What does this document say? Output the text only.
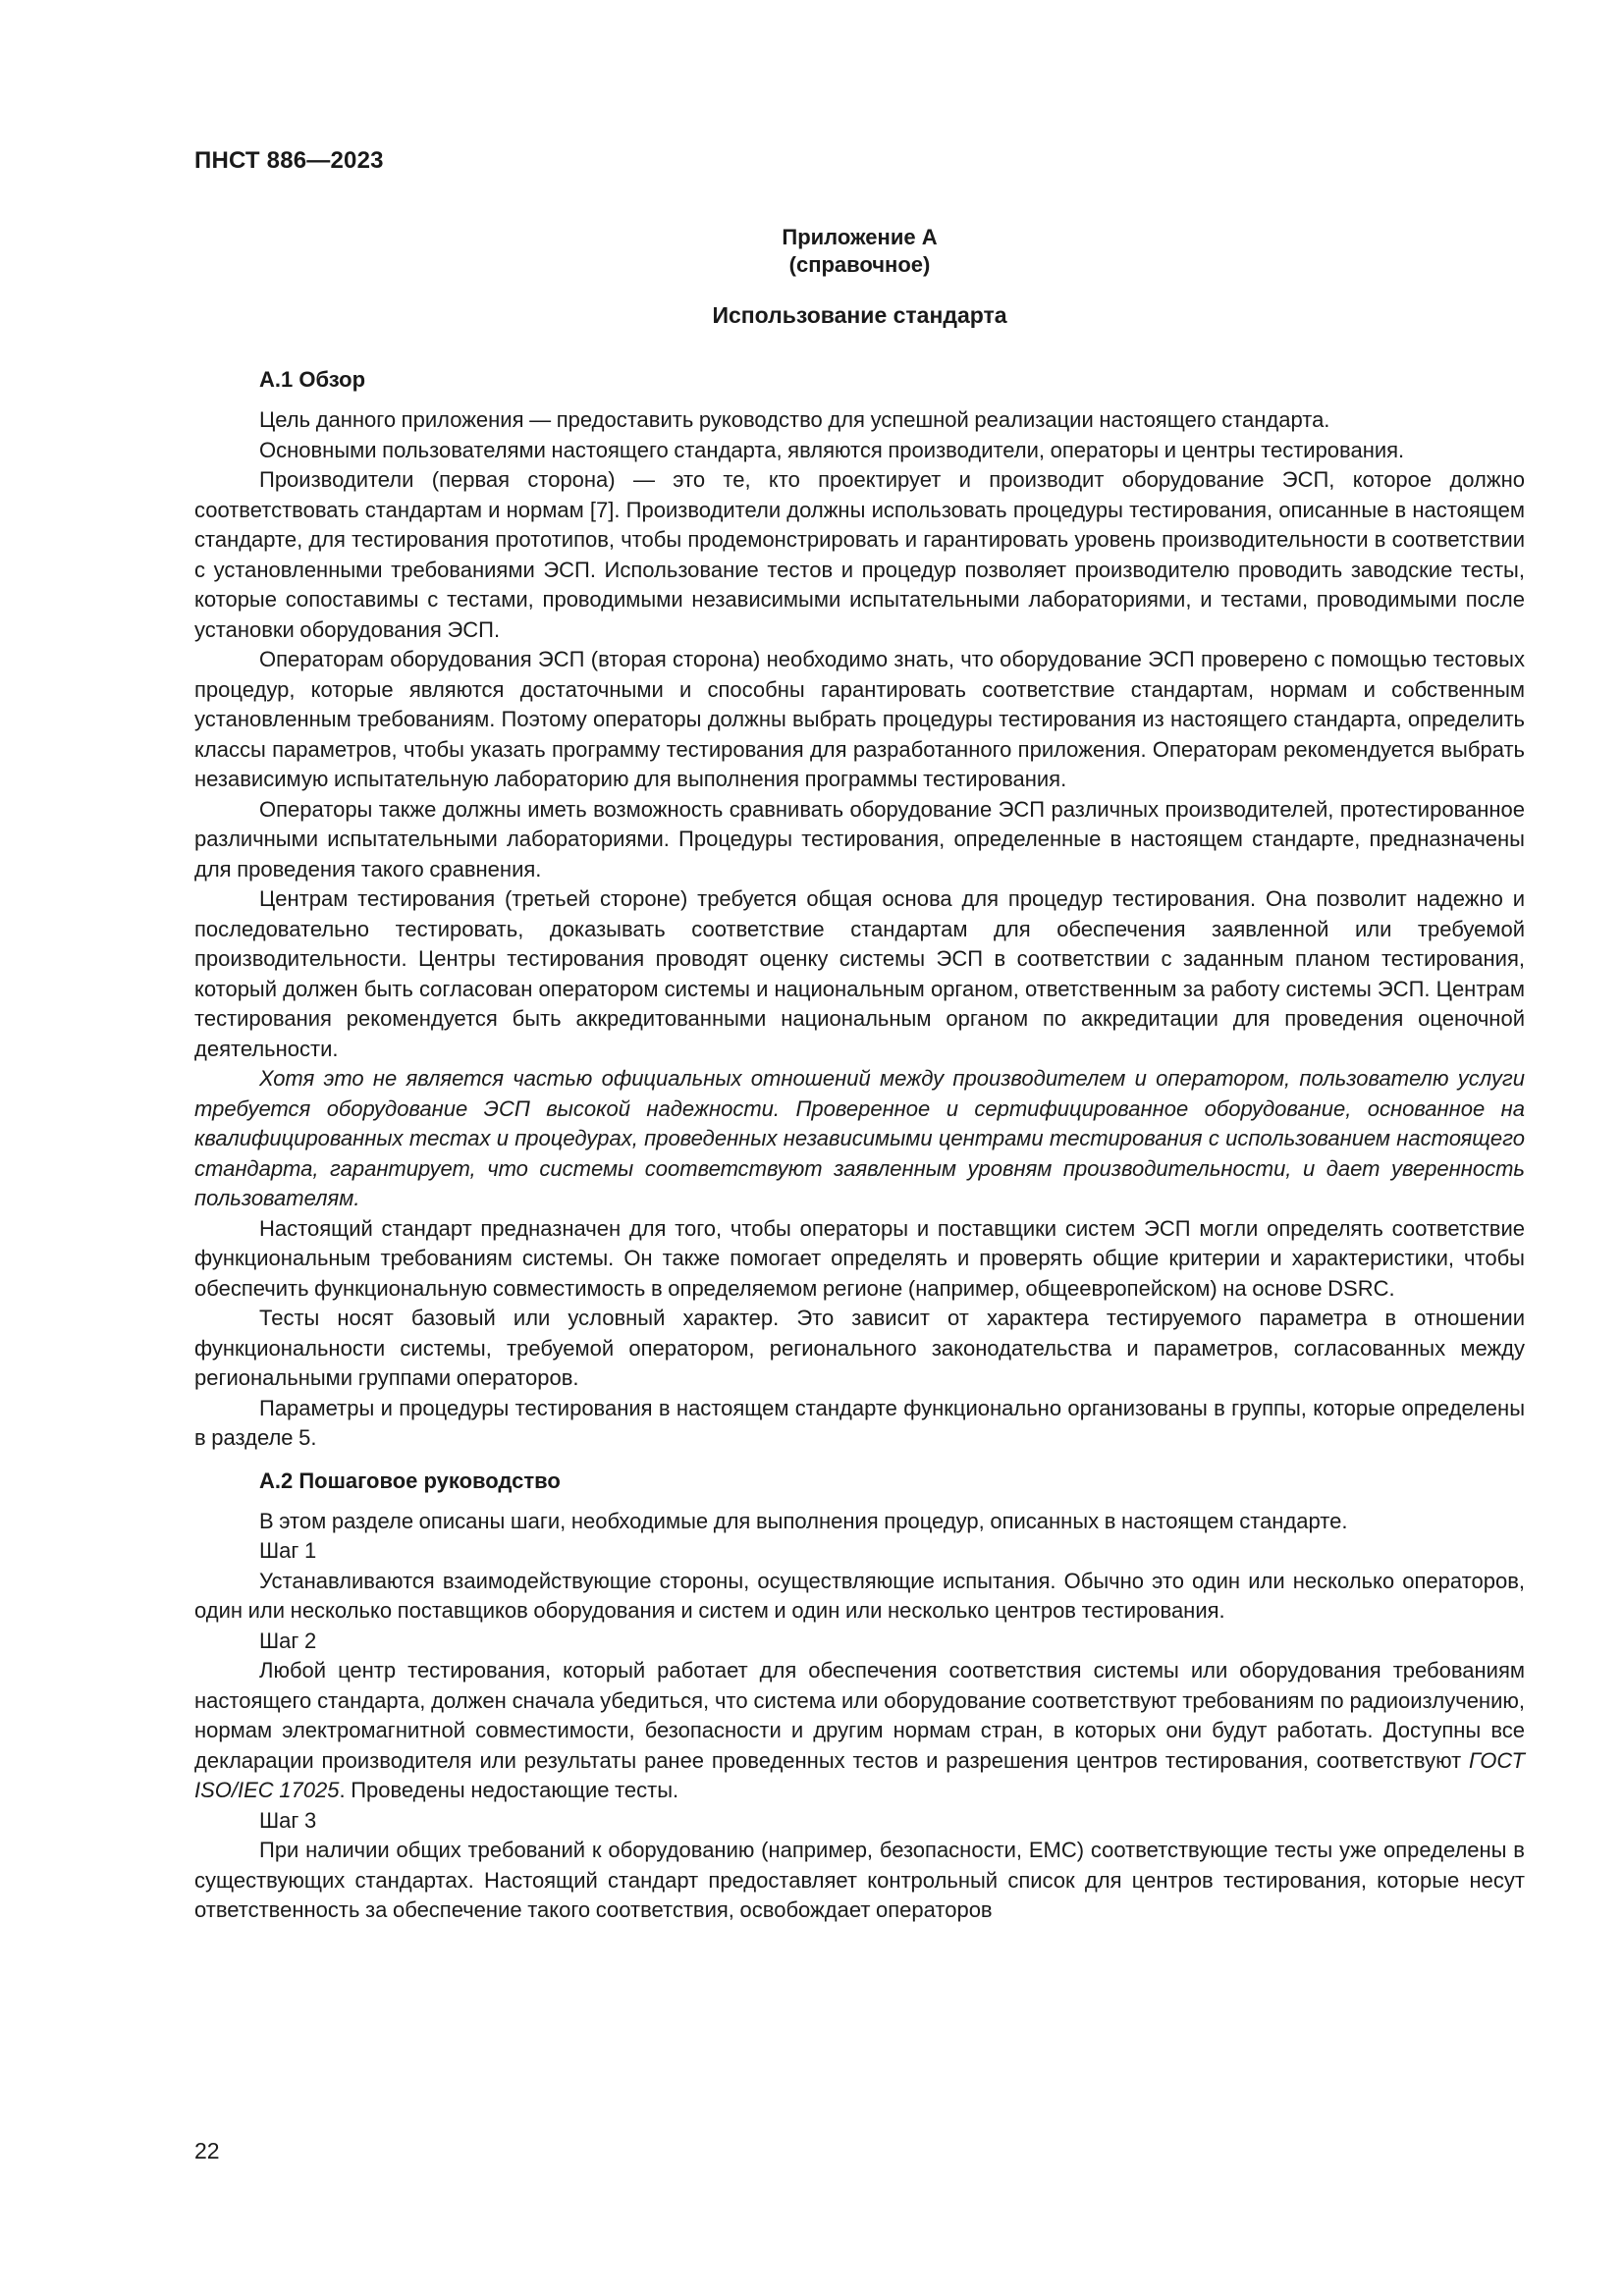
ПНСТ 886—2023
Приложение А
(справочное)
Использование стандарта
А.1 Обзор

Цель данного приложения — предоставить руководство для успешной реализации настоящего стандарта.

Основными пользователями настоящего стандарта, являются производители, операторы и центры тестирования.

Производители (первая сторона) — это те, кто проектирует и производит оборудование ЭСП, которое должно соответствовать стандартам и нормам [7]. Производители должны использовать процедуры тестирования, описанные в настоящем стандарте, для тестирования прототипов, чтобы продемонстрировать и гарантировать уровень производительности в соответствии с установленными требованиями ЭСП. Использование тестов и процедур позволяет производителю проводить заводские тесты, которые сопоставимы с тестами, проводимыми независимыми испытательными лабораториями, и тестами, проводимыми после установки оборудования ЭСП.

Операторам оборудования ЭСП (вторая сторона) необходимо знать, что оборудование ЭСП проверено с помощью тестовых процедур, которые являются достаточными и способны гарантировать соответствие стандартам, нормам и собственным установленным требованиям. Поэтому операторы должны выбрать процедуры тестирования из настоящего стандарта, определить классы параметров, чтобы указать программу тестирования для разработанного приложения. Операторам рекомендуется выбрать независимую испытательную лабораторию для выполнения программы тестирования.

Операторы также должны иметь возможность сравнивать оборудование ЭСП различных производителей, протестированное различными испытательными лабораториями. Процедуры тестирования, определенные в настоящем стандарте, предназначены для проведения такого сравнения.

Центрам тестирования (третьей стороне) требуется общая основа для процедур тестирования. Она позволит надежно и последовательно тестировать, доказывать соответствие стандартам для обеспечения заявленной или требуемой производительности. Центры тестирования проводят оценку системы ЭСП в соответствии с заданным планом тестирования, который должен быть согласован оператором системы и национальным органом, ответственным за работу системы ЭСП. Центрам тестирования рекомендуется быть аккредитованными национальным органом по аккредитации для проведения оценочной деятельности.

Хотя это не является частью официальных отношений между производителем и оператором, пользователю услуги требуется оборудование ЭСП высокой надежности. Проверенное и сертифицированное оборудование, основанное на квалифицированных тестах и процедурах, проведенных независимыми центрами тестирования с использованием настоящего стандарта, гарантирует, что системы соответствуют заявленным уровням производительности, и дает уверенность пользователям.

Настоящий стандарт предназначен для того, чтобы операторы и поставщики систем ЭСП могли определять соответствие функциональным требованиям системы. Он также помогает определять и проверять общие критерии и характеристики, чтобы обеспечить функциональную совместимость в определяемом регионе (например, общеевропейском) на основе DSRC.

Тесты носят базовый или условный характер. Это зависит от характера тестируемого параметра в отношении функциональности системы, требуемой оператором, регионального законодательства и параметров, согласованных между региональными группами операторов.

Параметры и процедуры тестирования в настоящем стандарте функционально организованы в группы, которые определены в разделе 5.

А.2 Пошаговое руководство

В этом разделе описаны шаги, необходимые для выполнения процедур, описанных в настоящем стандарте.

Шаг 1

Устанавливаются взаимодействующие стороны, осуществляющие испытания. Обычно это один или несколько операторов, один или несколько поставщиков оборудования и систем и один или несколько центров тестирования.

Шаг 2

Любой центр тестирования, который работает для обеспечения соответствия системы или оборудования требованиям настоящего стандарта, должен сначала убедиться, что система или оборудование соответствуют требованиям по радиоизлучению, нормам электромагнитной совместимости, безопасности и другим нормам стран, в которых они будут работать. Доступны все декларации производителя или результаты ранее проведенных тестов и разрешения центров тестирования, соответствуют ГОСТ ISO/IEC 17025. Проведены недостающие тесты.

Шаг 3

При наличии общих требований к оборудованию (например, безопасности, ЕМС) соответствующие тесты уже определены в существующих стандартах. Настоящий стандарт предоставляет контрольный список для центров тестирования, которые несут ответственность за обеспечение такого соответствия, освобождает операторов

22
